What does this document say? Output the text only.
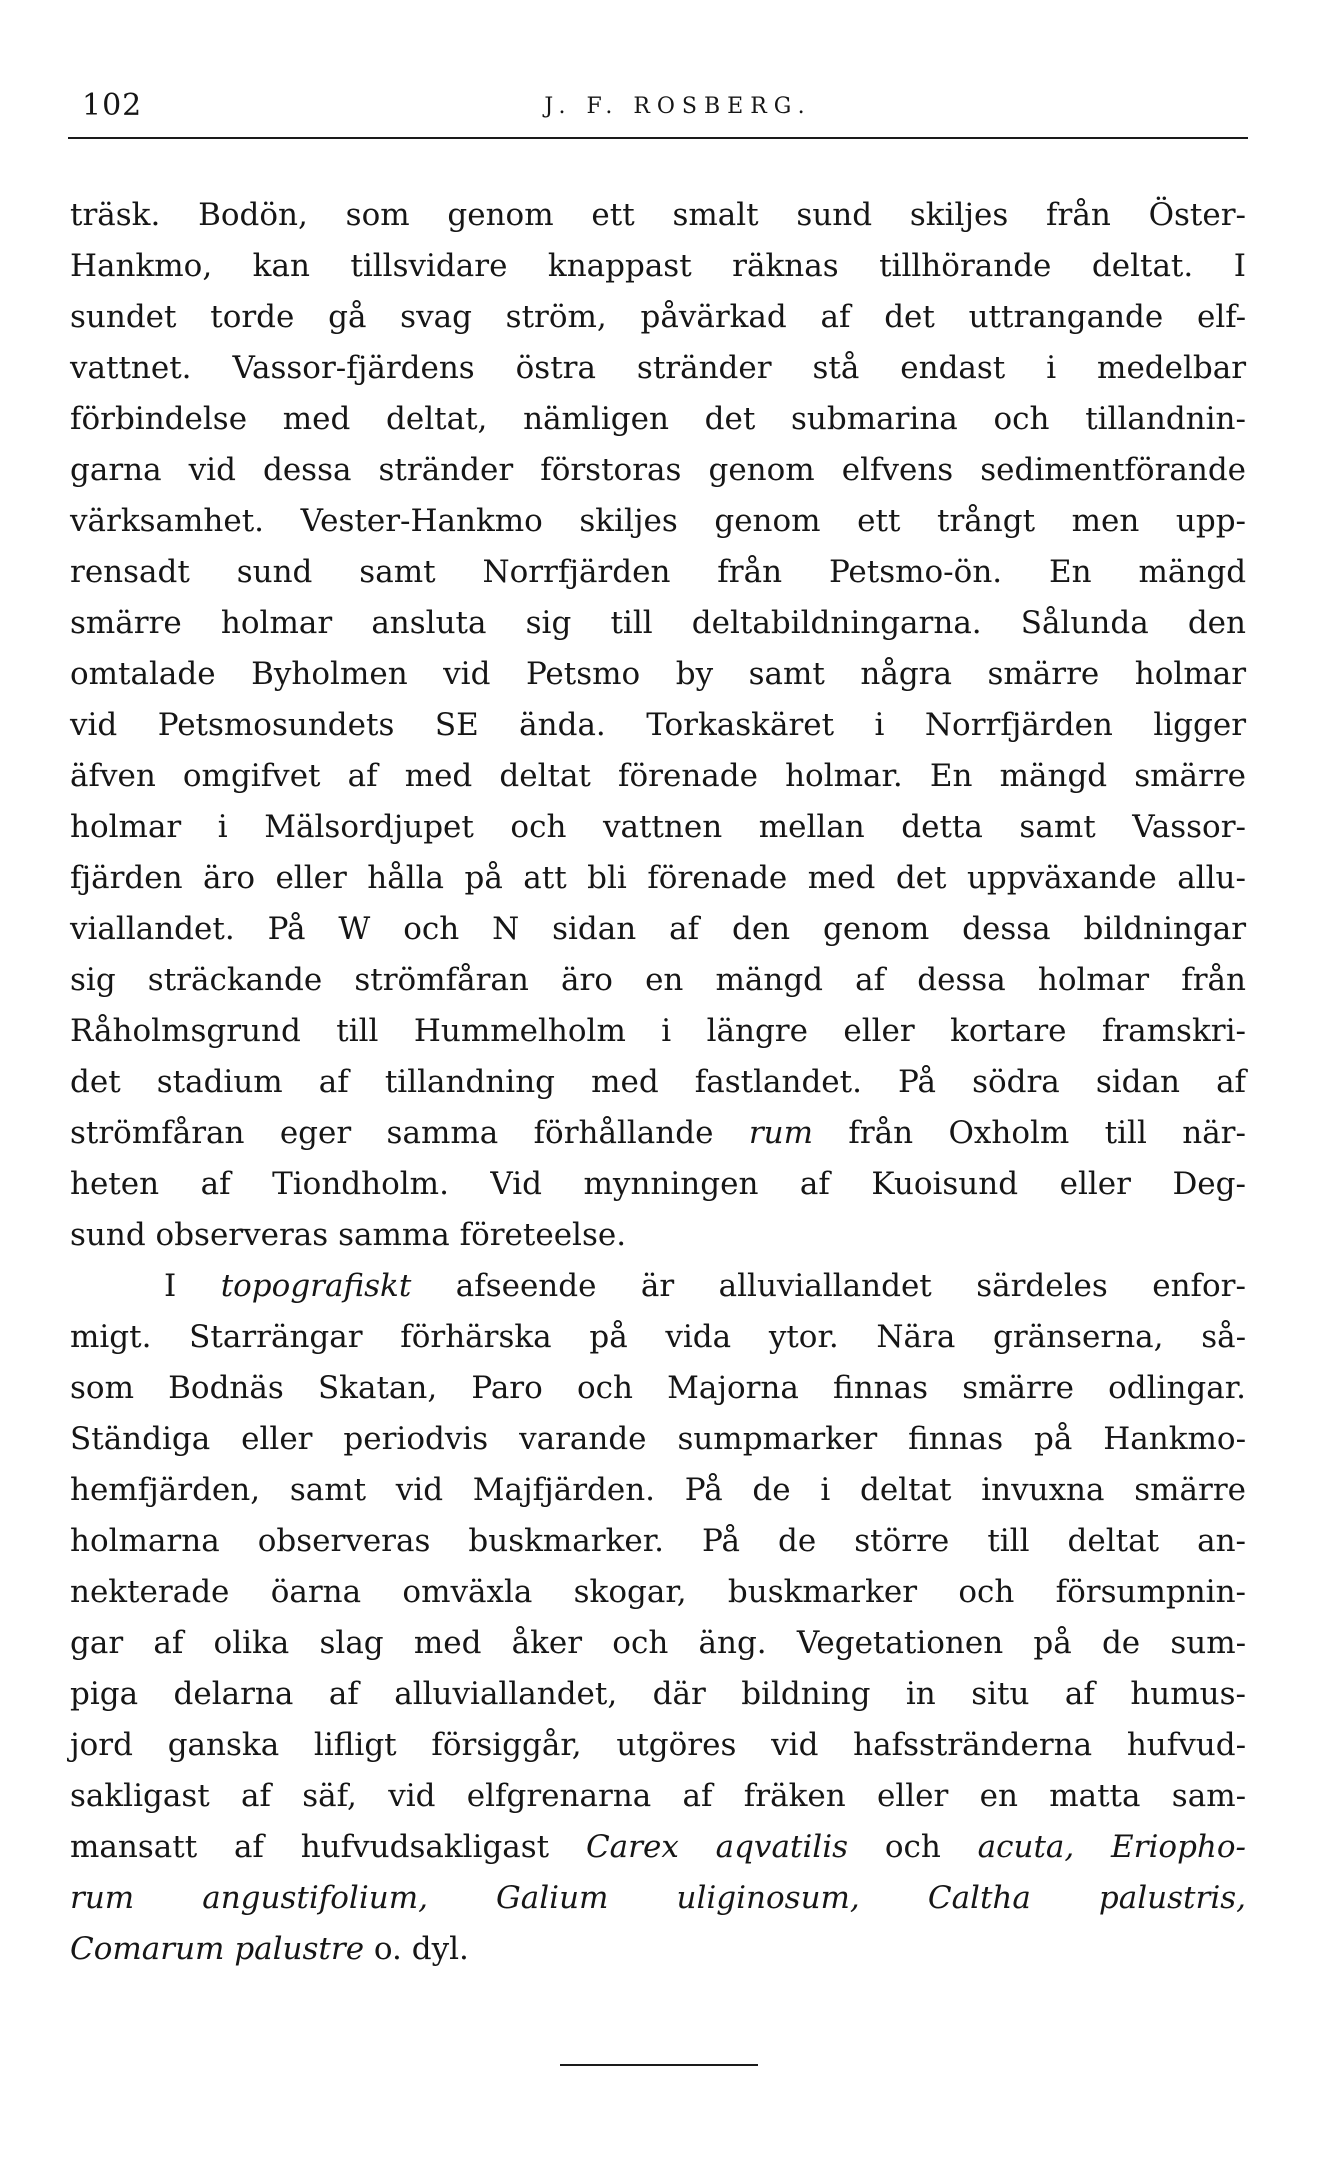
102	J. F. ROSBERG.
träsk. Bodön, som genom ett smalt sund skiljes från Öster-
Hankmo, kan tillsvidare knappast räknas tillhörande deltat. I
sundet torde gå svag ström, påvärkad af det uttrangande elf-
vattnet. Vassor-fjärdens östra stränder stå endast i medelbar
förbindelse med deltat, nämligen det submarina och tillandnin-
garna vid dessa stränder förstoras genom elfvens sedimentförande
värksamhet. Vester-Hankmo skiljes genom ett trångt men upp-
rensadt sund samt Norrfjärden från Petsmo-ön. En mängd
smärre holmar ansluta sig till deltabildningarna. Sålunda den
omtalade Byholmen vid Petsmo by samt några smärre holmar
vid Petsmosundets SE ända. Torkaskäret i Norrfjärden ligger
äfven omgifvet af med deltat förenade holmar. En mängd smärre
holmar i Mälsordjupet och vattnen mellan detta samt Vassor-
fjärden äro eller hålla på att bli förenade med det uppväxande allu-
viallandet. På W och N sidan af den genom dessa bildningar
sig sträckande strömfåran äro en mängd af dessa holmar från
Råholmsgrund till Hummelholm i längre eller kortare framskri-
det stadium af tillandning med fastlandet. På södra sidan af
strömfåran eger samma förhållande rum från Oxholm till när-
heten af Tiondholm. Vid mynningen af Kuoisund eller Deg-
sund observeras samma företeelse.
I topografiskt afseende är alluviallandet särdeles enfor-
migt. Starrängar förhärska på vida ytor. Nära gränserna, så-
som Bodnäs Skatan, Paro och Majorna finnas smärre odlingar.
Ständiga eller periodvis varande sumpmarker finnas på Hankmo-
hemfjärden, samt vid Majfjärden. På de i deltat invuxna smärre
holmarna observeras buskmarker. På de större till deltat an-
nekterade öarna omväxla skogar, buskmarker och försumpnin-
gar af olika slag med åker och äng. Vegetationen på de sum-
piga delarna af alluviallandet, där bildning in situ af humus-
jord ganska lifligt försiggår, utgöres vid hafsstränderna hufvud-
sakligast af säf, vid elfgrenarna af fräken eller en matta sam-
mansatt af hufvudsakligast Carex aqvatilis och acuta, Eriopho-
rum angustifolium, Galium uliginosum, Caltha palustris,
Comarum palustre o. dyl.
